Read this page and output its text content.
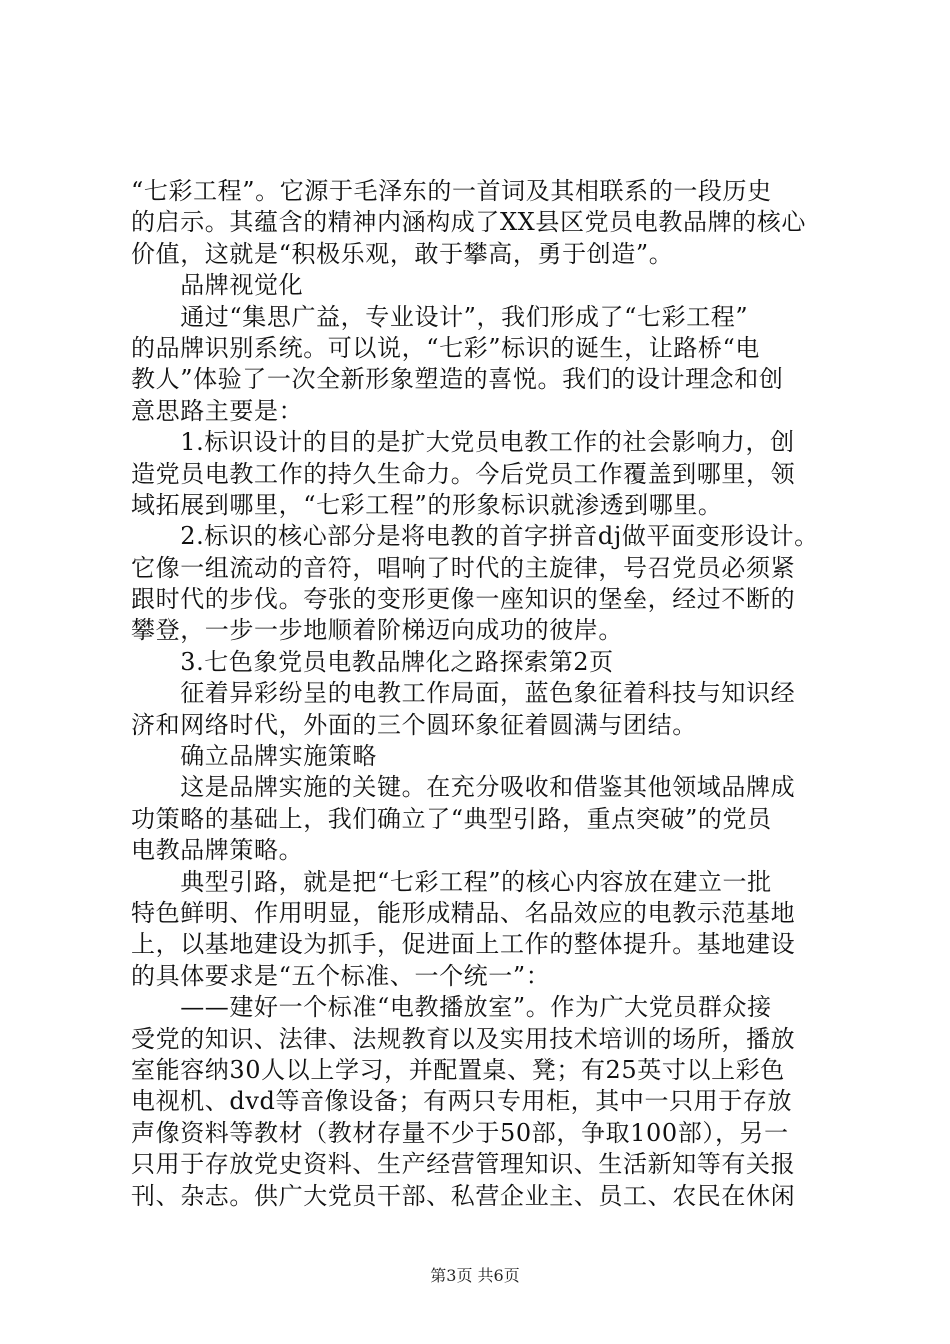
“七彩工程”。它源于毛泽东的一首词及其相联系的一段历史
的启示。其蕴含的精神内涵构成了XX县区党员电教品牌的核心
价值，这就是“积极乐观，敢于攀高，勇于创造”。
　　品牌视觉化
　　通过“集思广益，专业设计”，我们形成了“七彩工程”
的品牌识别系统。可以说，“七彩”标识的诞生，让路桥“电
教人”体验了一次全新形象塑造的喜悦。我们的设计理念和创
意思路主要是：
　　1.标识设计的目的是扩大党员电教工作的社会影响力，创
造党员电教工作的持久生命力。今后党员工作覆盖到哪里，领
域拓展到哪里，“七彩工程”的形象标识就渗透到哪里。
　　2.标识的核心部分是将电教的首字拼音dj做平面变形设计。
它像一组流动的音符，唱响了时代的主旋律，号召党员必须紧
跟时代的步伐。夸张的变形更像一座知识的堡垒，经过不断的
攀登，一步一步地顺着阶梯迈向成功的彼岸。
　　3.七色象党员电教品牌化之路探索第2页
　　征着异彩纷呈的电教工作局面，蓝色象征着科技与知识经
济和网络时代，外面的三个圆环象征着圆满与团结。
　　确立品牌实施策略
　　这是品牌实施的关键。在充分吸收和借鉴其他领域品牌成
功策略的基础上，我们确立了“典型引路，重点突破”的党员
电教品牌策略。
　　典型引路，就是把“七彩工程”的核心内容放在建立一批
特色鲜明、作用明显，能形成精品、名品效应的电教示范基地
上，以基地建设为抓手，促进面上工作的整体提升。基地建设
的具体要求是“五个标准、一个统一”：
　　——建好一个标准“电教播放室”。作为广大党员群众接
受党的知识、法律、法规教育以及实用技术培训的场所，播放
室能容纳30人以上学习，并配置桌、凳；有25英寸以上彩色
电视机、dvd等音像设备；有两只专用柜，其中一只用于存放
声像资料等教材（教材存量不少于50部，争取100部），另一
只用于存放党史资料、生产经营管理知识、生活新知等有关报
刊、杂志。供广大党员干部、私营企业主、员工、农民在休闲
第3页 共6页
